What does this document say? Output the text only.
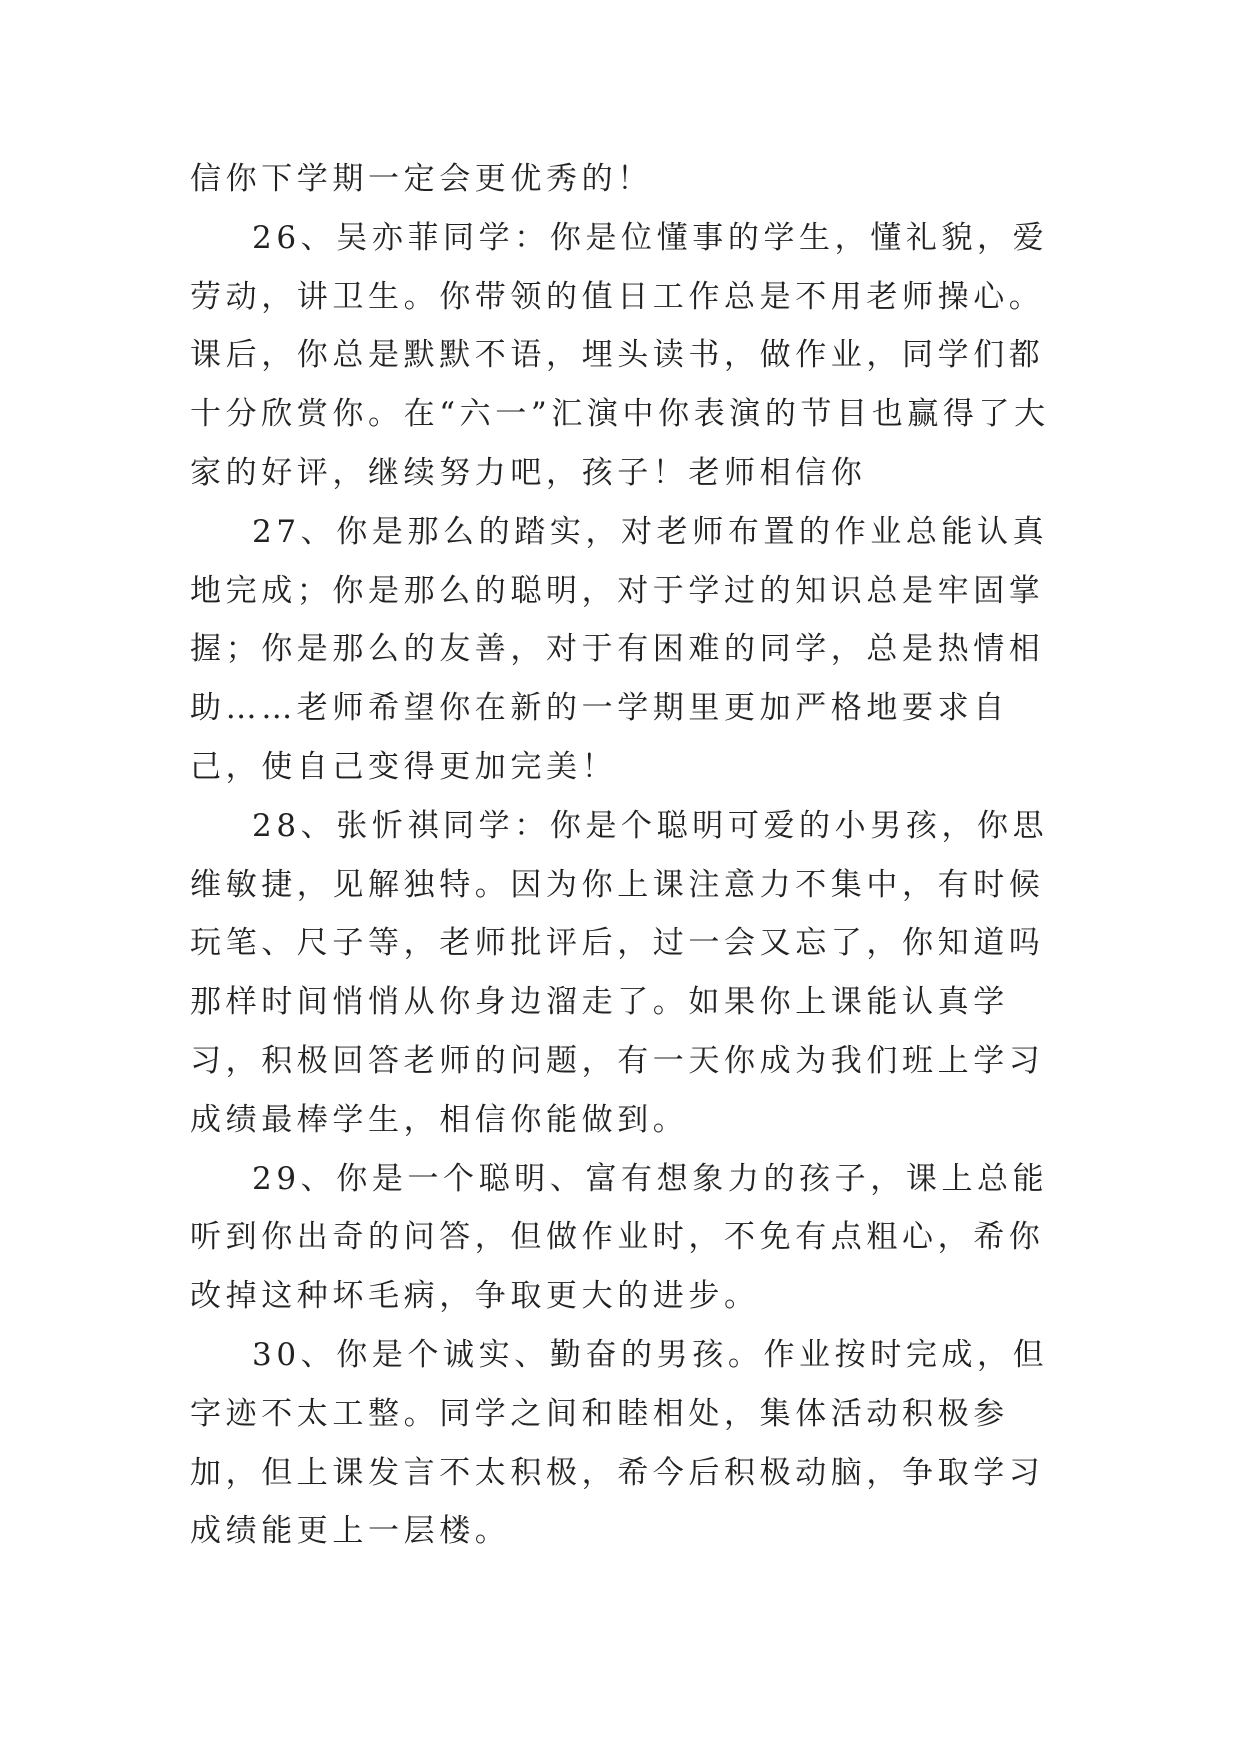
信你下学期一定会更优秀的！

26、吴亦菲同学：你是位懂事的学生，懂礼貌，爱劳动，讲卫生。你带领的值日工作总是不用老师操心。课后，你总是默默不语，埋头读书，做作业，同学们都十分欣赏你。在“六一”汇演中你表演的节目也赢得了大家的好评，继续努力吧，孩子！老师相信你

27、你是那么的踏实，对老师布置的作业总能认真地完成；你是那么的聪明，对于学过的知识总是牢固掌握；你是那么的友善，对于有困难的同学，总是热情相助……老师希望你在新的一学期里更加严格地要求自己，使自己变得更加完美！

28、张忻祺同学：你是个聪明可爱的小男孩，你思维敏捷，见解独特。因为你上课注意力不集中，有时候玩笔、尺子等，老师批评后，过一会又忘了，你知道吗那样时间悄悄从你身边溜走了。如果你上课能认真学习，积极回答老师的问题，有一天你成为我们班上学习成绩最棒学生，相信你能做到。

29、你是一个聪明、富有想象力的孩子，课上总能听到你出奇的问答，但做作业时，不免有点粗心，希你改掉这种坏毛病，争取更大的进步。

30、你是个诚实、勤奋的男孩。作业按时完成，但字迹不太工整。同学之间和睦相处，集体活动积极参加，但上课发言不太积极，希今后积极动脑，争取学习成绩能更上一层楼。
